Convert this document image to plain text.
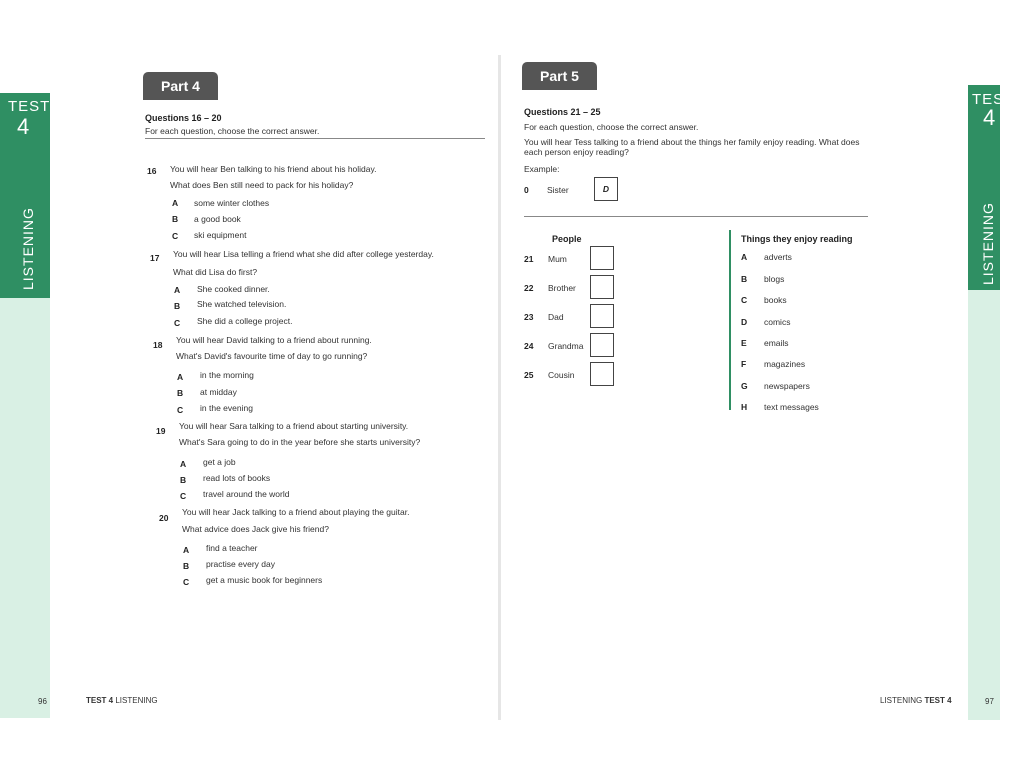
TEST
4
LISTENING
TEST
4
LISTENING
Part 4
Questions 16 – 20
For each question, choose the correct answer.
16 You will hear Ben talking to his friend about his holiday.
What does Ben still need to pack for his holiday?
A some winter clothes
B a good book
C ski equipment
17 You will hear Lisa telling a friend what she did after college yesterday.
What did Lisa do first?
A She cooked dinner.
B She watched television.
C She did a college project.
18 You will hear David talking to a friend about running.
What's David's favourite time of day to go running?
A in the morning
B at midday
C in the evening
19 You will hear Sara talking to a friend about starting university.
What's Sara going to do in the year before she starts university?
A get a job
B read lots of books
C travel around the world
20
You will hear Jack talking to a friend about playing the guitar.
What advice does Jack give his friend?
A find a teacher
B practise every day
C get a music book for beginners
Part 5
Questions 21 – 25
For each question, choose the correct answer.
You will hear Tess talking to a friend about the things her family enjoy reading. What does
each person enjoy reading?
Example:
0 Sister	D
People	Things they enjoy reading
21 Mum
22 Brother
23 Dad
24 Grandma
25 Cousin
A adverts
B blogs
C books
D comics
E emails
F magazines
G newspapers
H text messages
96	TEST 4 LISTENING	LISTENING TEST 4	97
